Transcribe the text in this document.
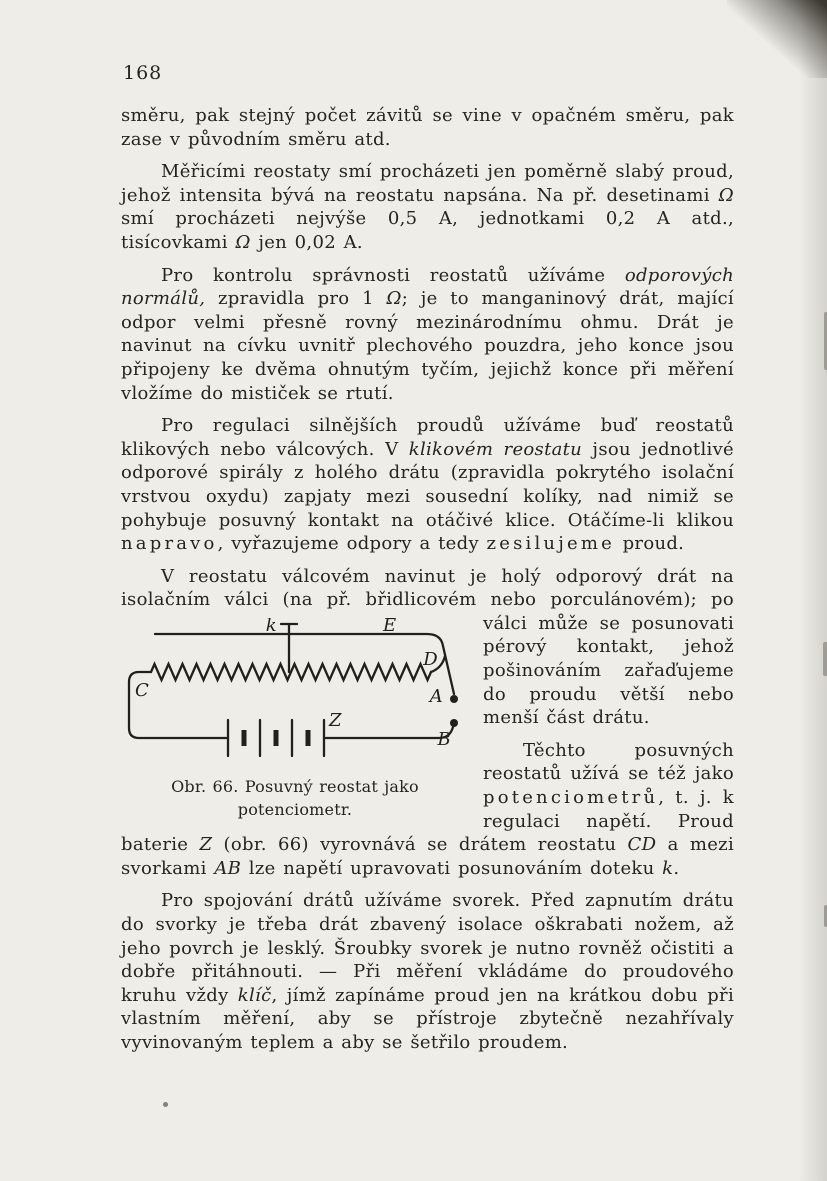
168

směru, pak stejný počet závitů se vine v opačném směru, pak zase v původním směru atd.

Měřicími reostaty smí procházeti jen poměrně slabý proud, jehož intensita bývá na reostatu napsána. Na př. desetinami Ω smí procházeti nejvýše 0,5 A, jednotkami 0,2 A atd., tisícovkami Ω jen 0,02 A.

Pro kontrolu správnosti reostatů užíváme odporových normálů, zpravidla pro 1 Ω; je to manganinový drát, mající odpor velmi přesně rovný mezinárodnímu ohmu. Drát je navinut na cívku uvnitř plechového pouzdra, jeho konce jsou připojeny ke dvěma ohnutým tyčím, jejichž konce při měření vložíme do mističek se rtutí.

Pro regulaci silnějších proudů užíváme buď reostatů klikových nebo válcových. V klikovém reostatu jsou jednotlivé odporové spirály z holého drátu (zpravidla pokrytého isolační vrstvou oxydu) zapjaty mezi sousední kolíky, nad nimiž se pohybuje posuvný kontakt na otáčivé klice. Otáčíme-li klikou napravo, vyřazujeme odpory a tedy zesilujeme proud.

V reostatu válcovém navinut je holý odporový drát na isolačním válci (na př. břidlicovém nebo porculánovém); po
k	E
D
C
Z
A
B
Obr. 66. Posuvný reostat jako potenciometr.
válci může se posunovati pérový kontakt, jehož pošinováním zařaďujeme do proudu větší nebo menší část drátu.

Těchto posuvných reostatů užívá se též jako potenciometrů, t. j. k regulaci napětí. Proud baterie Z (obr. 66) vyrovnává se drátem reostatu CD a mezi svorkami AB lze napětí upravovati posunováním doteku k.

Pro spojování drátů užíváme svorek. Před zapnutím drátu do svorky je třeba drát zbavený isolace oškrabati nožem, až jeho povrch je lesklý. Šroubky svorek je nutno rovněž očistiti a dobře přitáhnouti. — Při měření vkládáme do proudového kruhu vždy klíč, jímž zapínáme proud jen na krátkou dobu při vlastním měření, aby se přístroje zbytečně nezahřívaly vyvinovaným teplem a aby se šetřilo proudem.
